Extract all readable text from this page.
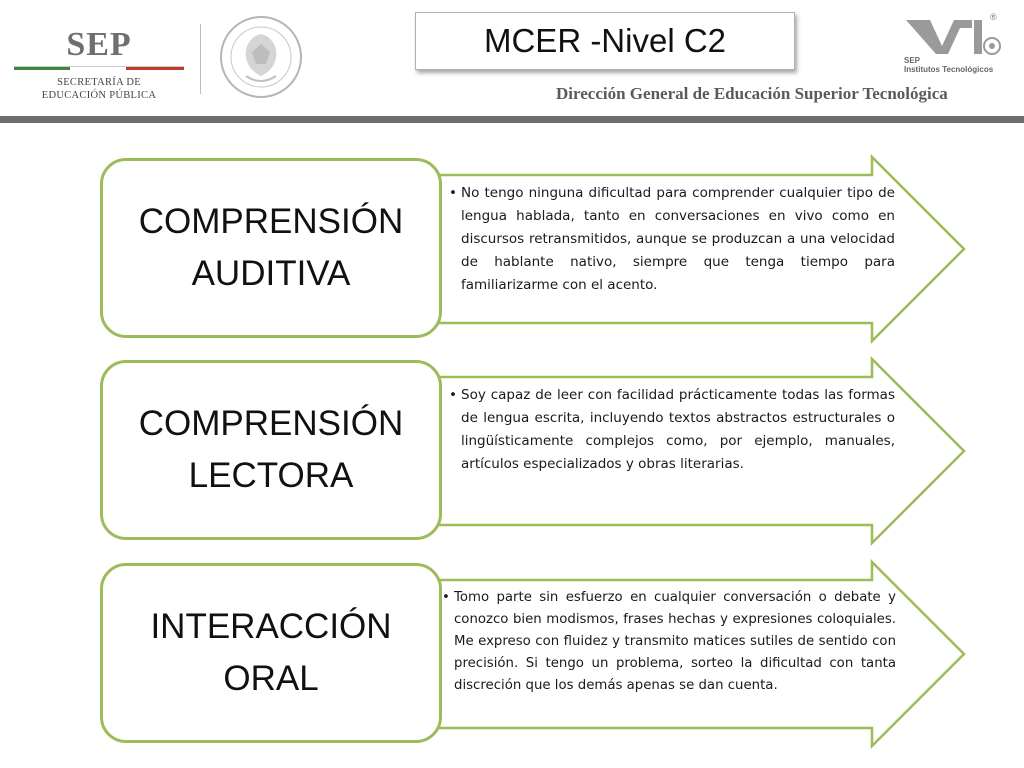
SEP
SECRETARÍA DE
EDUCACIÓN PÚBLICA
MCER -Nivel C2
SEP
Institutos Tecnológicos
®
Dirección General de Educación Superior Tecnológica
COMPRENSIÓN
AUDITIVA
• No tengo ninguna dificultad para comprender cualquier tipo de lengua hablada, tanto en conversaciones en vivo como en discursos retransmitidos, aunque se produzcan a una velocidad de hablante nativo, siempre que tenga tiempo para familiarizarme con el acento.
COMPRENSIÓN
LECTORA
• Soy capaz de leer con facilidad prácticamente todas las formas de lengua escrita, incluyendo textos abstractos estructurales o lingüísticamente complejos como, por ejemplo, manuales, artículos especializados y obras literarias.
INTERACCIÓN
ORAL
• Tomo parte sin esfuerzo en cualquier conversación o debate y conozco bien modismos, frases hechas y expresiones coloquiales. Me expreso con fluidez y transmito matices sutiles de sentido con precisión. Si tengo un problema, sorteo la dificultad con tanta discreción que los demás apenas se dan cuenta.
